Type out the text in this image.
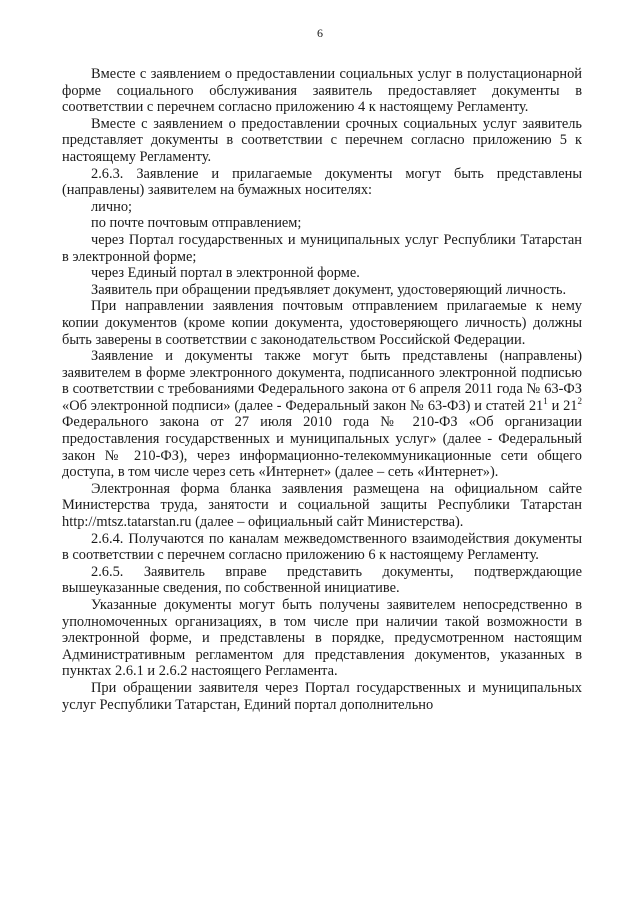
6

Вместе с заявлением о предоставлении социальных услуг в полустационарной форме социального обслуживания заявитель предоставляет документы в соответствии с перечнем согласно приложению 4 к настоящему Регламенту.

Вместе с заявлением о предоставлении срочных социальных услуг заявитель представляет документы в соответствии с перечнем согласно приложению 5 к настоящему Регламенту.

2.6.3. Заявление и прилагаемые документы могут быть представлены (направлены) заявителем на бумажных носителях:

лично;

по почте почтовым отправлением;

через Портал государственных и муниципальных услуг Республики Татарстан в электронной форме;

через Единый портал в электронной форме.

Заявитель при обращении предъявляет документ, удостоверяющий личность.

При направлении заявления почтовым отправлением прилагаемые к нему копии документов (кроме копии документа, удостоверяющего личность) должны быть заверены в соответствии с законодательством Российской Федерации.

Заявление и документы также могут быть представлены (направлены) заявителем в форме электронного документа, подписанного электронной подписью в соответствии с требованиями Федерального закона от 6 апреля 2011 года № 63-ФЗ «Об электронной подписи» (далее - Федеральный закон № 63-ФЗ) и статей $21^1$ и $21^2$ Федерального закона от 27 июля 2010 года № 210-ФЗ «Об организации предоставления государственных и муниципальных услуг» (далее - Федеральный закон № 210-ФЗ), через информационно-телекоммуникационные сети общего доступа, в том числе через сеть «Интернет» (далее – сеть «Интернет»).

Электронная форма бланка заявления размещена на официальном сайте Министерства труда, занятости и социальной защиты Республики Татарстан http://mtsz.tatarstan.ru (далее – официальный сайт Министерства).

2.6.4. Получаются по каналам межведомственного взаимодействия документы в соответствии с перечнем согласно приложению 6 к настоящему Регламенту.

2.6.5. Заявитель вправе представить документы, подтверждающие вышеуказанные сведения, по собственной инициативе.

Указанные документы могут быть получены заявителем непосредственно в уполномоченных организациях, в том числе при наличии такой возможности в электронной форме, и представлены в порядке, предусмотренном настоящим Административным регламентом для представления документов, указанных в пунктах 2.6.1 и 2.6.2 настоящего Регламента.

При обращении заявителя через Портал государственных и муниципальных услуг Республики Татарстан, Единий портал дополнительно
